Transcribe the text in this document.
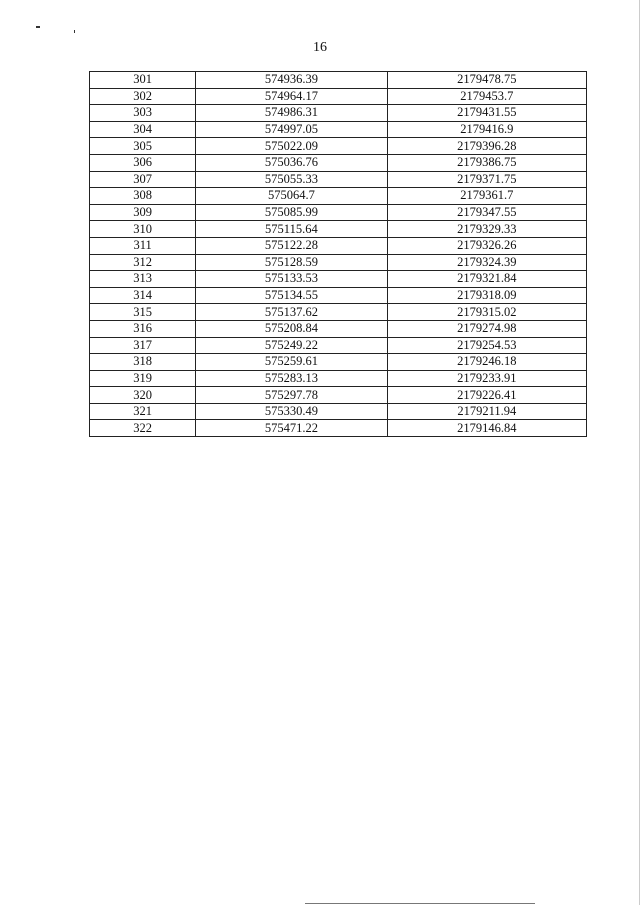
16
301	574936.39	2179478.75
302	574964.17	2179453.7
303	574986.31	2179431.55
304	574997.05	2179416.9
305	575022.09	2179396.28
306	575036.76	2179386.75
307	575055.33	2179371.75
308	575064.7	2179361.7
309	575085.99	2179347.55
310	575115.64	2179329.33
311	575122.28	2179326.26
312	575128.59	2179324.39
313	575133.53	2179321.84
314	575134.55	2179318.09
315	575137.62	2179315.02
316	575208.84	2179274.98
317	575249.22	2179254.53
318	575259.61	2179246.18
319	575283.13	2179233.91
320	575297.78	2179226.41
321	575330.49	2179211.94
322	575471.22	2179146.84
